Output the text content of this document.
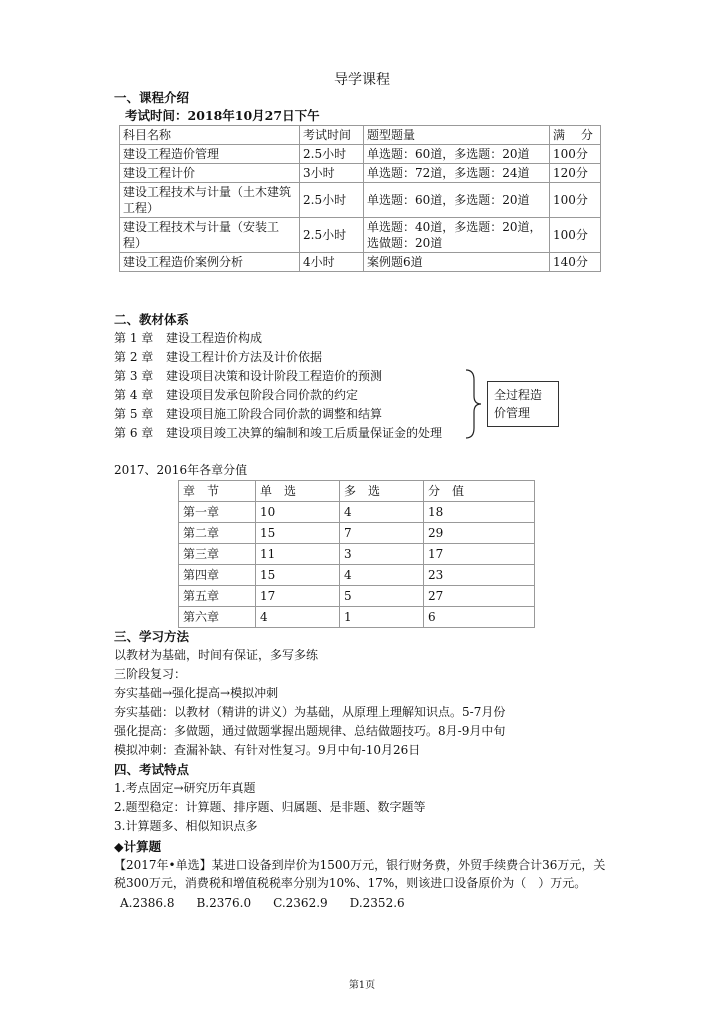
导学课程
一、课程介绍
考试时间：2018年10月27日下午
科目名称	考试时间	题型题量	满　 分
建设工程造价管理	2.5小时	单选题：60道，多选题：20道	100分
建设工程计价	3小时	单选题：72道，多选题：24道	120分
建设工程技术与计量（土木建筑工程）	2.5小时	单选题：60道，多选题：20道	100分
建设工程技术与计量（安装工程）	2.5小时	单选题：40道，多选题：20道，选做题：20道	100分
建设工程造价案例分析	4小时	案例题6道	140分
二、教材体系
第 1 章 建设工程造价构成
第 2 章 建设工程计价方法及计价依据
第 3 章 建设项目决策和设计阶段工程造价的预测
第 4 章 建设项目发承包阶段合同价款的约定
第 5 章 建设项目施工阶段合同价款的调整和结算
第 6 章 建设项目竣工决算的编制和竣工后质量保证金的处理
全过程造价管理
2017、2016年各章分值
章　节	单　选	多　选	分　值
第一章	10	4	18
第二章	15	7	29
第三章	11	3	17
第四章	15	4	23
第五章	17	5	27
第六章	4	1	6
三、学习方法
以教材为基础，时间有保证，多写多练
三阶段复习：
夯实基础→强化提高→模拟冲刺
夯实基础：以教材（精讲的讲义）为基础，从原理上理解知识点。5-7月份
强化提高：多做题，通过做题掌握出题规律、总结做题技巧。8月-9月中旬
模拟冲刺：查漏补缺、有针对性复习。9月中旬-10月26日
四、考试特点
1.考点固定→研究历年真题
2.题型稳定：计算题、排序题、归属题、是非题、数字题等
3.计算题多、相似知识点多
◆计算题
【2017年•单选】某进口设备到岸价为1500万元，银行财务费，外贸手续费合计36万元，关
税300万元，消费税和增值税税率分别为10%、17%，则该进口设备原价为（　）万元。
A.2386.8 B.2376.0 C.2362.9 D.2352.6
第1页
